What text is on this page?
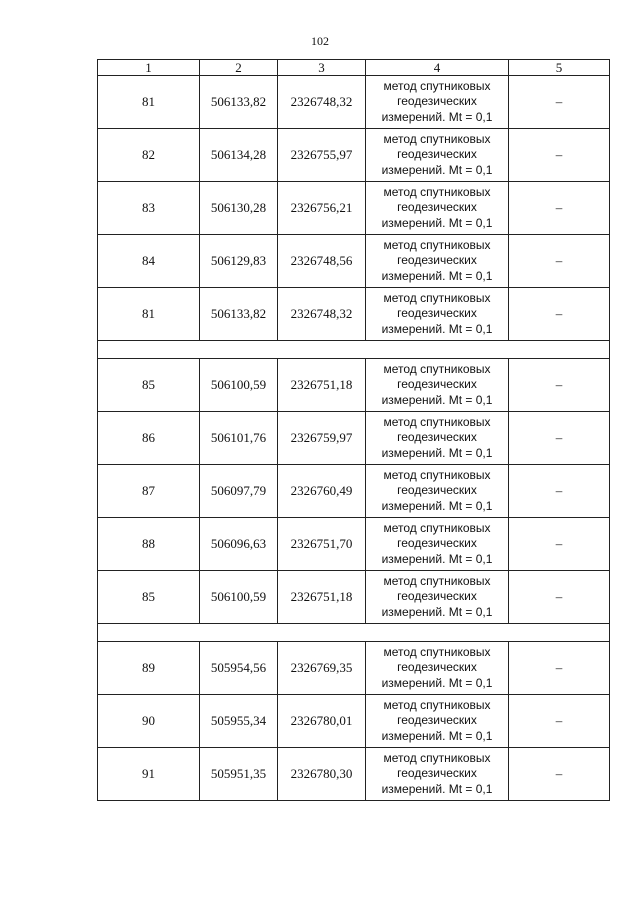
102
1	2	3	4	5
81	506133,82	2326748,32	метод спутниковых
геодезических
измерений. Mt = 0,1	–
82	506134,28	2326755,97	метод спутниковых
геодезических
измерений. Mt = 0,1	–
83	506130,28	2326756,21	метод спутниковых
геодезических
измерений. Mt = 0,1	–
84	506129,83	2326748,56	метод спутниковых
геодезических
измерений. Mt = 0,1	–
81	506133,82	2326748,32	метод спутниковых
геодезических
измерений. Mt = 0,1	–

85	506100,59	2326751,18	метод спутниковых
геодезических
измерений. Mt = 0,1	–
86	506101,76	2326759,97	метод спутниковых
геодезических
измерений. Mt = 0,1	–
87	506097,79	2326760,49	метод спутниковых
геодезических
измерений. Mt = 0,1	–
88	506096,63	2326751,70	метод спутниковых
геодезических
измерений. Mt = 0,1	–
85	506100,59	2326751,18	метод спутниковых
геодезических
измерений. Mt = 0,1	–

89	505954,56	2326769,35	метод спутниковых
геодезических
измерений. Mt = 0,1	–
90	505955,34	2326780,01	метод спутниковых
геодезических
измерений. Mt = 0,1	–
91	505951,35	2326780,30	метод спутниковых
геодезических
измерений. Mt = 0,1	–
